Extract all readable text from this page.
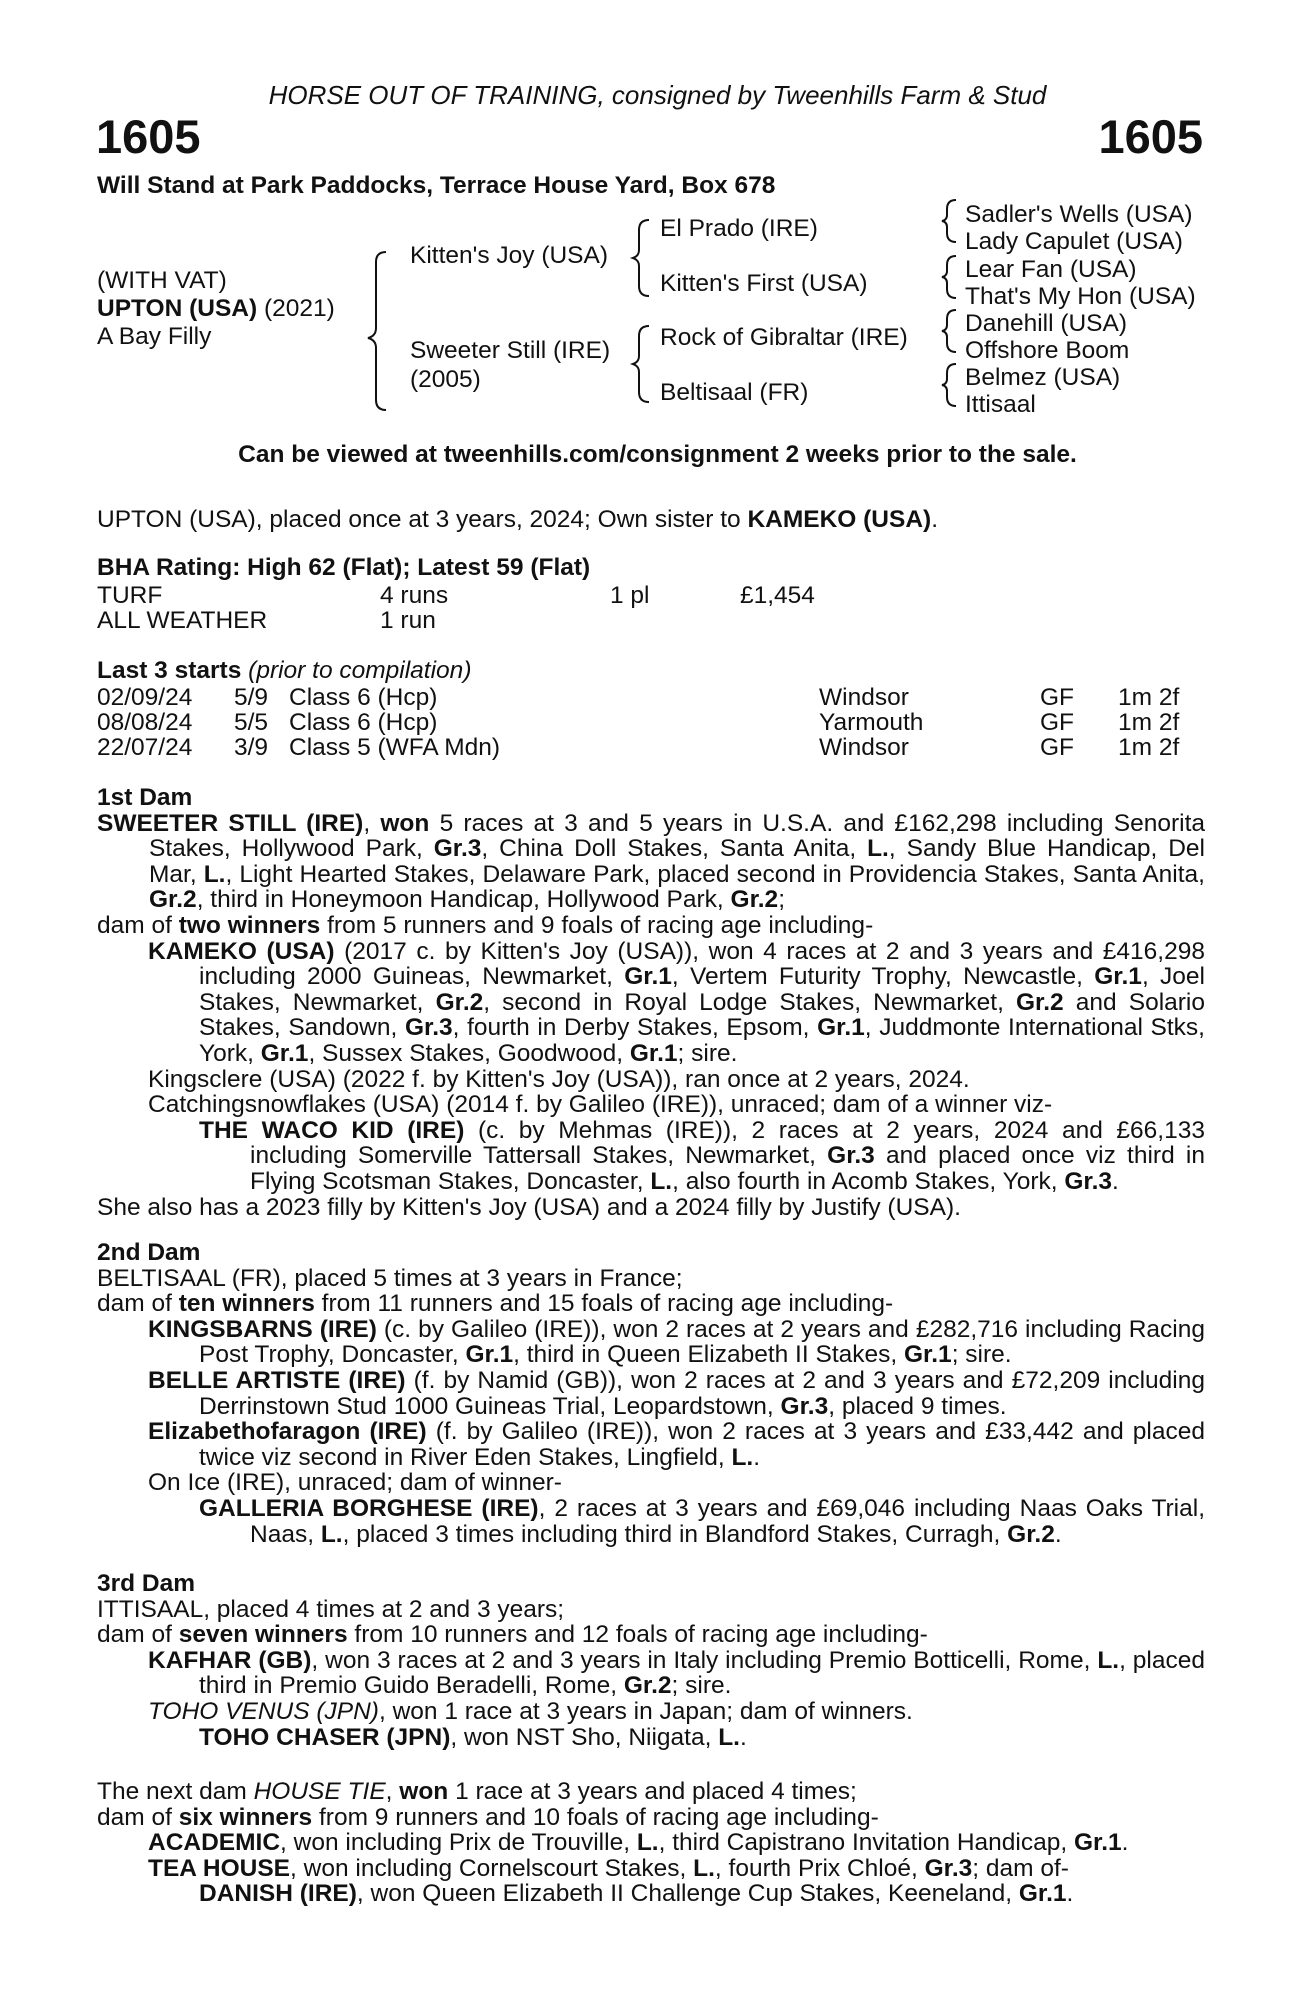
HORSE OUT OF TRAINING, consigned by Tweenhills Farm & Stud
1605	1605
Will Stand at Park Paddocks, Terrace House Yard, Box 678
(WITH VAT)
UPTON (USA) (2021)
A Bay Filly
Kitten's Joy (USA)
Sweeter Still (IRE)
(2005)
El Prado (IRE)
Kitten's First (USA)
Rock of Gibraltar (IRE)
Beltisaal (FR)
Sadler's Wells (USA)
Lady Capulet (USA)
Lear Fan (USA)
That's My Hon (USA)
Danehill (USA)
Offshore Boom
Belmez (USA)
Ittisaal
Can be viewed at tweenhills.com/consignment 2 weeks prior to the sale.
UPTON (USA), placed once at 3 years, 2024; Own sister to KAMEKO (USA).
BHA Rating: High 62 (Flat); Latest 59 (Flat)
TURF	4 runs	1 pl	£1,454
ALL WEATHER	1 run
Last 3 starts (prior to compilation)
02/09/24 5/9 Class 6 (Hcp)	Windsor	GF 1m 2f
08/08/24 5/5 Class 6 (Hcp)	Yarmouth	GF 1m 2f
22/07/24 3/9 Class 5 (WFA Mdn)	Windsor	GF 1m 2f

1st Dam

SWEETER STILL (IRE), won 5 races at 3 and 5 years in U.S.A. and £162,298 including Senorita Stakes, Hollywood Park, Gr.3, China Doll Stakes, Santa Anita, L., Sandy Blue Handicap, Del Mar, L., Light Hearted Stakes, Delaware Park, placed second in Providencia Stakes, Santa Anita, Gr.2, third in Honeymoon Handicap, Hollywood Park, Gr.2;

dam of two winners from 5 runners and 9 foals of racing age including-

KAMEKO (USA) (2017 c. by Kitten's Joy (USA)), won 4 races at 2 and 3 years and £416,298 including 2000 Guineas, Newmarket, Gr.1, Vertem Futurity Trophy, Newcastle, Gr.1, Joel Stakes, Newmarket, Gr.2, second in Royal Lodge Stakes, Newmarket, Gr.2 and Solario Stakes, Sandown, Gr.3, fourth in Derby Stakes, Epsom, Gr.1, Juddmonte International Stks, York, Gr.1, Sussex Stakes, Goodwood, Gr.1; sire.

Kingsclere (USA) (2022 f. by Kitten's Joy (USA)), ran once at 2 years, 2024.

Catchingsnowflakes (USA) (2014 f. by Galileo (IRE)), unraced; dam of a winner viz-

THE WACO KID (IRE) (c. by Mehmas (IRE)), 2 races at 2 years, 2024 and £66,133 including Somerville Tattersall Stakes, Newmarket, Gr.3 and placed once viz third in Flying Scotsman Stakes, Doncaster, L., also fourth in Acomb Stakes, York, Gr.3.

She also has a 2023 filly by Kitten's Joy (USA) and a 2024 filly by Justify (USA).

2nd Dam

BELTISAAL (FR), placed 5 times at 3 years in France;

dam of ten winners from 11 runners and 15 foals of racing age including-

KINGSBARNS (IRE) (c. by Galileo (IRE)), won 2 races at 2 years and £282,716 including Racing Post Trophy, Doncaster, Gr.1, third in Queen Elizabeth II Stakes, Gr.1; sire.

BELLE ARTISTE (IRE) (f. by Namid (GB)), won 2 races at 2 and 3 years and £72,209 including Derrinstown Stud 1000 Guineas Trial, Leopardstown, Gr.3, placed 9 times.

Elizabethofaragon (IRE) (f. by Galileo (IRE)), won 2 races at 3 years and £33,442 and placed twice viz second in River Eden Stakes, Lingfield, L..

On Ice (IRE), unraced; dam of winner-

GALLERIA BORGHESE (IRE), 2 races at 3 years and £69,046 including Naas Oaks Trial, Naas, L., placed 3 times including third in Blandford Stakes, Curragh, Gr.2.

3rd Dam

ITTISAAL, placed 4 times at 2 and 3 years;

dam of seven winners from 10 runners and 12 foals of racing age including-

KAFHAR (GB), won 3 races at 2 and 3 years in Italy including Premio Botticelli, Rome, L., placed third in Premio Guido Beradelli, Rome, Gr.2; sire.

TOHO VENUS (JPN), won 1 race at 3 years in Japan; dam of winners.

TOHO CHASER (JPN), won NST Sho, Niigata, L..

The next dam HOUSE TIE, won 1 race at 3 years and placed 4 times;

dam of six winners from 9 runners and 10 foals of racing age including-

ACADEMIC, won including Prix de Trouville, L., third Capistrano Invitation Handicap, Gr.1.

TEA HOUSE, won including Cornelscourt Stakes, L., fourth Prix Chloé, Gr.3; dam of-

DANISH (IRE), won Queen Elizabeth II Challenge Cup Stakes, Keeneland, Gr.1.
